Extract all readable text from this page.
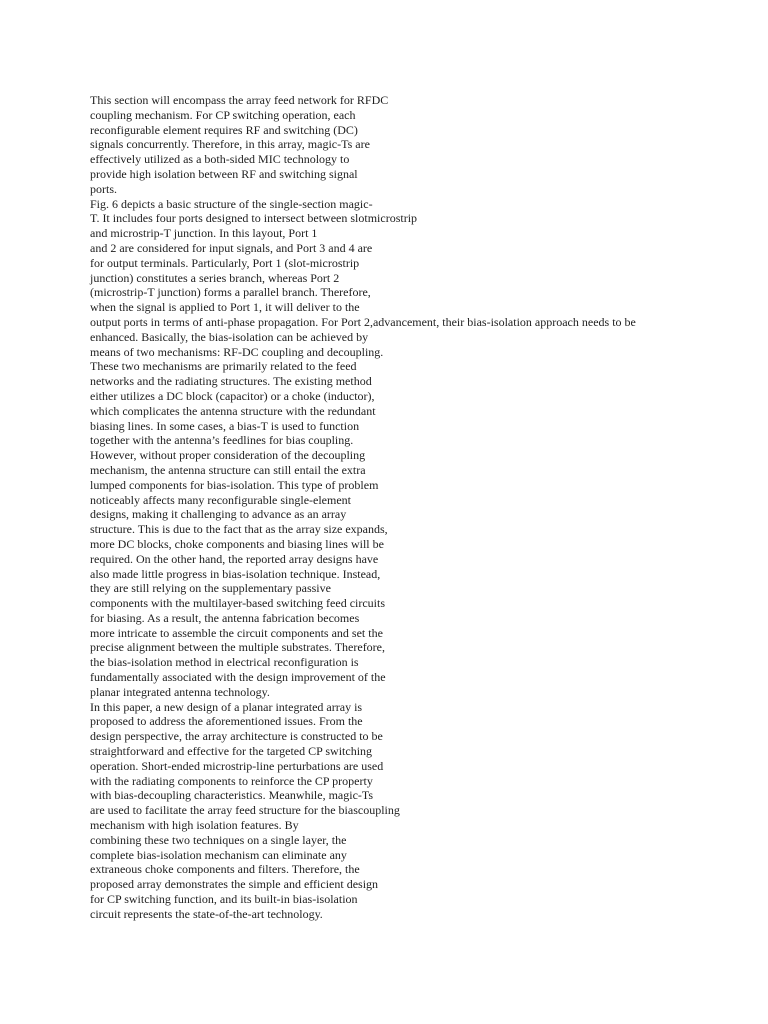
This section will encompass the array feed network for RFDC
coupling mechanism. For CP switching operation, each
reconfigurable element requires RF and switching (DC)
signals concurrently. Therefore, in this array, magic-Ts are
effectively utilized as a both-sided MIC technology to
provide high isolation between RF and switching signal
ports.
Fig. 6 depicts a basic structure of the single-section magic-
T. It includes four ports designed to intersect between slotmicrostrip
and microstrip-T junction. In this layout, Port 1
and 2 are considered for input signals, and Port 3 and 4 are
for output terminals. Particularly, Port 1 (slot-microstrip
junction) constitutes a series branch, whereas Port 2
(microstrip-T junction) forms a parallel branch. Therefore,
when the signal is applied to Port 1, it will deliver to the
output ports in terms of anti-phase propagation. For Port 2,advancement, their bias-isolation approach needs to be
enhanced. Basically, the bias-isolation can be achieved by
means of two mechanisms: RF-DC coupling and decoupling.
These two mechanisms are primarily related to the feed
networks and the radiating structures. The existing method
either utilizes a DC block (capacitor) or a choke (inductor),
which complicates the antenna structure with the redundant
biasing lines. In some cases, a bias-T is used to function
together with the antenna’s feedlines for bias coupling.
However, without proper consideration of the decoupling
mechanism, the antenna structure can still entail the extra
lumped components for bias-isolation. This type of problem
noticeably affects many reconfigurable single-element
designs, making it challenging to advance as an array
structure. This is due to the fact that as the array size expands,
more DC blocks, choke components and biasing lines will be
required. On the other hand, the reported array designs have
also made little progress in bias-isolation technique. Instead,
they are still relying on the supplementary passive
components with the multilayer-based switching feed circuits
for biasing. As a result, the antenna fabrication becomes
more intricate to assemble the circuit components and set the
precise alignment between the multiple substrates. Therefore,
the bias-isolation method in electrical reconfiguration is
fundamentally associated with the design improvement of the
planar integrated antenna technology.
In this paper, a new design of a planar integrated array is
proposed to address the aforementioned issues. From the
design perspective, the array architecture is constructed to be
straightforward and effective for the targeted CP switching
operation. Short-ended microstrip-line perturbations are used
with the radiating components to reinforce the CP property
with bias-decoupling characteristics. Meanwhile, magic-Ts
are used to facilitate the array feed structure for the biascoupling
mechanism with high isolation features. By
combining these two techniques on a single layer, the
complete bias-isolation mechanism can eliminate any
extraneous choke components and filters. Therefore, the
proposed array demonstrates the simple and efficient design
for CP switching function, and its built-in bias-isolation
circuit represents the state-of-the-art technology.
